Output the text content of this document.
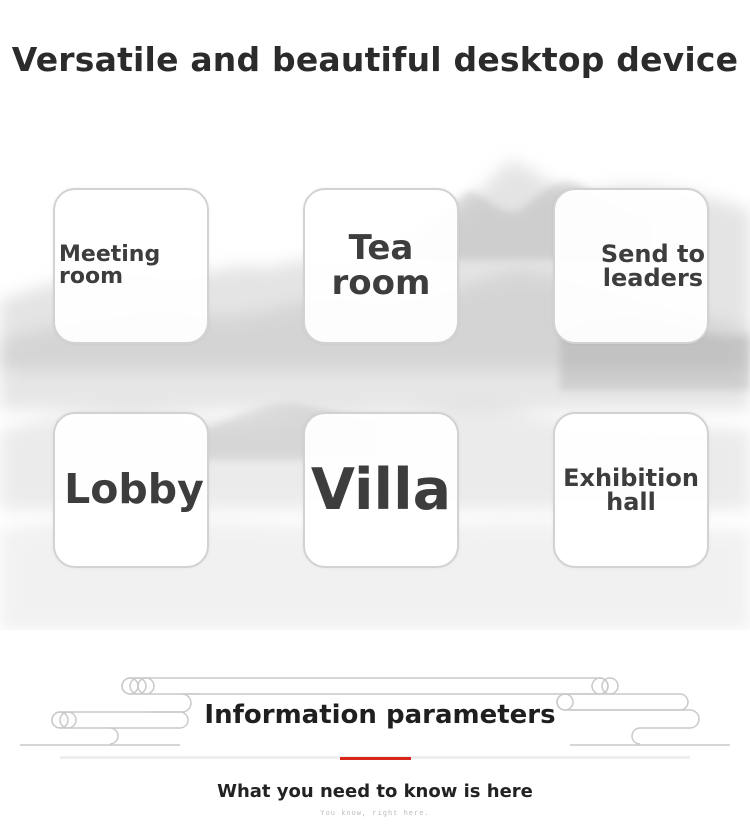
Versatile and beautiful desktop device
Meeting
room
Tea
room
Send to
leaders
Lobby Villa	Exhibition
hall
Information parameters
What you need to know is here
You know, right here.
